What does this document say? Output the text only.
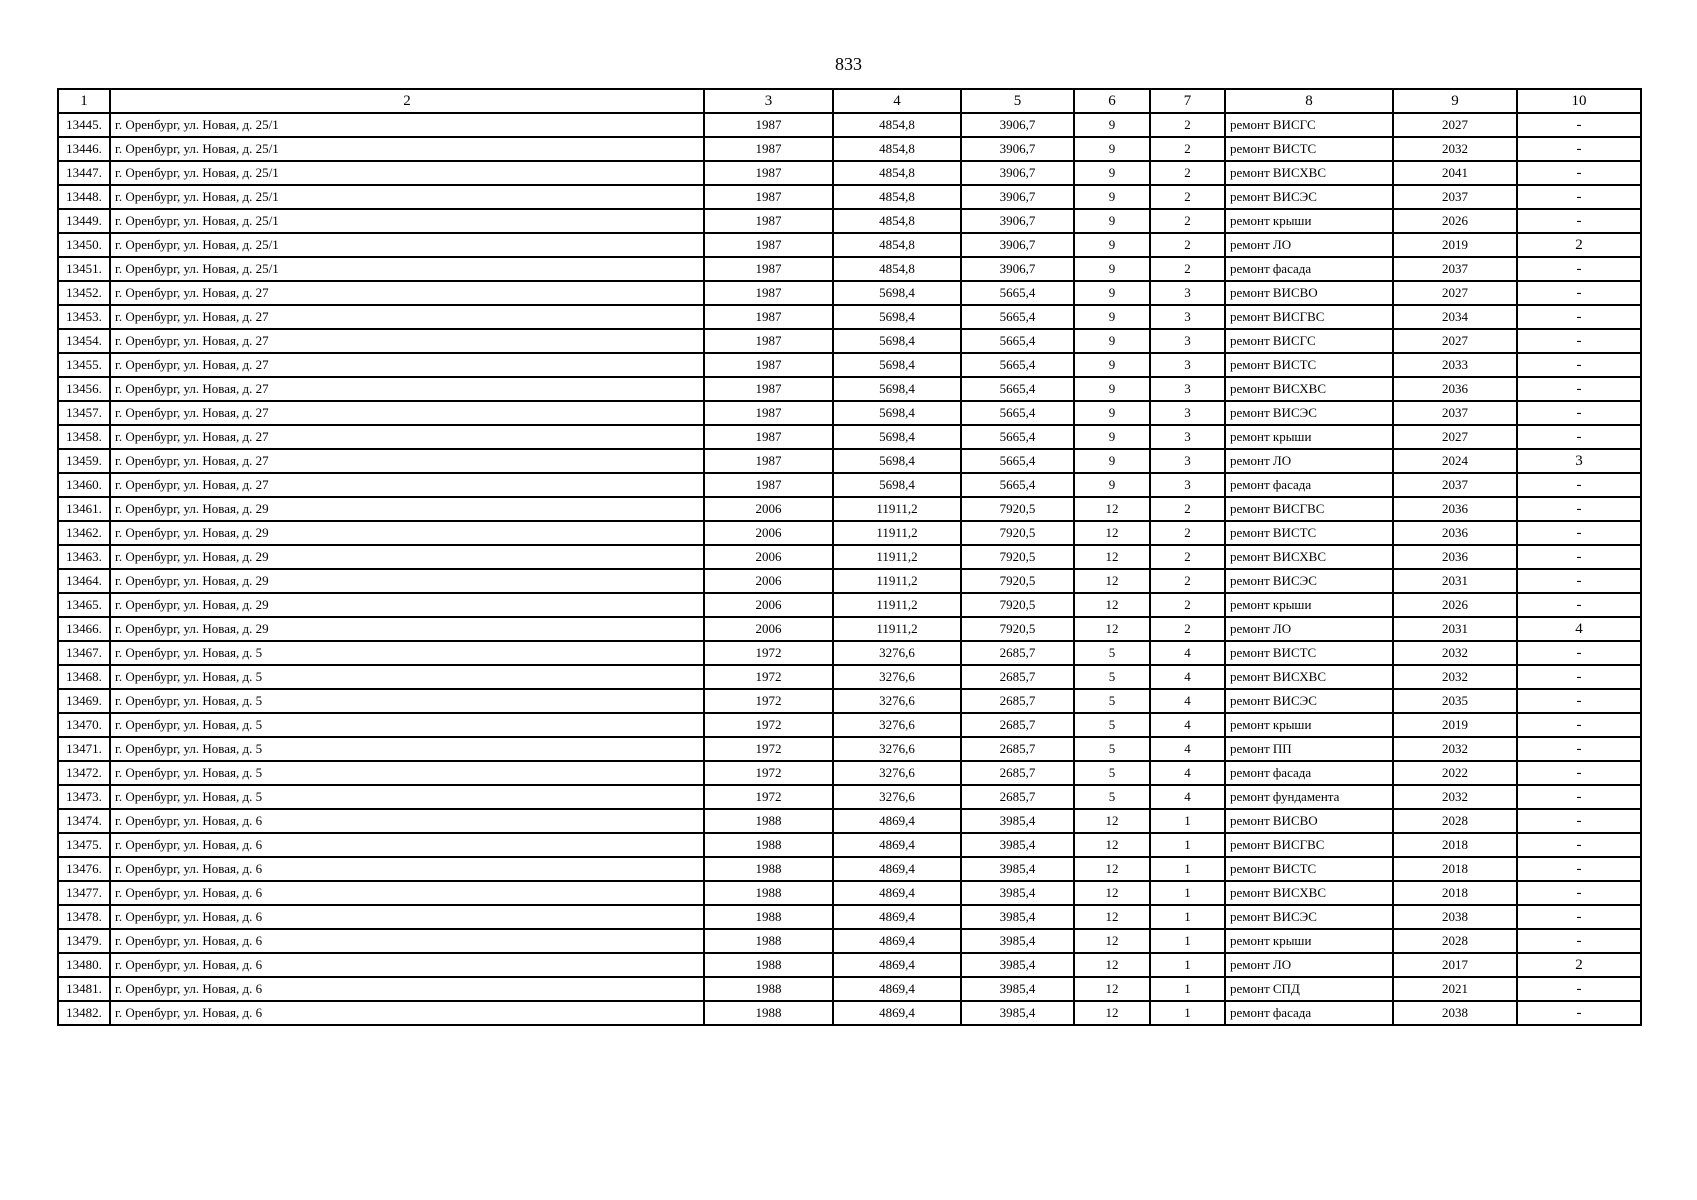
833
1	2	3	4	5	6	7	8	9	10
13445.	г. Оренбург, ул. Новая, д. 25/1	1987	4854,8	3906,7	9	2	ремонт ВИСГС	2027	-
13446.	г. Оренбург, ул. Новая, д. 25/1	1987	4854,8	3906,7	9	2	ремонт ВИСТС	2032	-
13447.	г. Оренбург, ул. Новая, д. 25/1	1987	4854,8	3906,7	9	2	ремонт ВИСХВС	2041	-
13448.	г. Оренбург, ул. Новая, д. 25/1	1987	4854,8	3906,7	9	2	ремонт ВИСЭС	2037	-
13449.	г. Оренбург, ул. Новая, д. 25/1	1987	4854,8	3906,7	9	2	ремонт крыши	2026	-
13450.	г. Оренбург, ул. Новая, д. 25/1	1987	4854,8	3906,7	9	2	ремонт ЛО	2019	2
13451.	г. Оренбург, ул. Новая, д. 25/1	1987	4854,8	3906,7	9	2	ремонт фасада	2037	-
13452.	г. Оренбург, ул. Новая, д. 27	1987	5698,4	5665,4	9	3	ремонт ВИСВО	2027	-
13453.	г. Оренбург, ул. Новая, д. 27	1987	5698,4	5665,4	9	3	ремонт ВИСГВС	2034	-
13454.	г. Оренбург, ул. Новая, д. 27	1987	5698,4	5665,4	9	3	ремонт ВИСГС	2027	-
13455.	г. Оренбург, ул. Новая, д. 27	1987	5698,4	5665,4	9	3	ремонт ВИСТС	2033	-
13456.	г. Оренбург, ул. Новая, д. 27	1987	5698,4	5665,4	9	3	ремонт ВИСХВС	2036	-
13457.	г. Оренбург, ул. Новая, д. 27	1987	5698,4	5665,4	9	3	ремонт ВИСЭС	2037	-
13458.	г. Оренбург, ул. Новая, д. 27	1987	5698,4	5665,4	9	3	ремонт крыши	2027	-
13459.	г. Оренбург, ул. Новая, д. 27	1987	5698,4	5665,4	9	3	ремонт ЛО	2024	3
13460.	г. Оренбург, ул. Новая, д. 27	1987	5698,4	5665,4	9	3	ремонт фасада	2037	-
13461.	г. Оренбург, ул. Новая, д. 29	2006	11911,2	7920,5	12	2	ремонт ВИСГВС	2036	-
13462.	г. Оренбург, ул. Новая, д. 29	2006	11911,2	7920,5	12	2	ремонт ВИСТС	2036	-
13463.	г. Оренбург, ул. Новая, д. 29	2006	11911,2	7920,5	12	2	ремонт ВИСХВС	2036	-
13464.	г. Оренбург, ул. Новая, д. 29	2006	11911,2	7920,5	12	2	ремонт ВИСЭС	2031	-
13465.	г. Оренбург, ул. Новая, д. 29	2006	11911,2	7920,5	12	2	ремонт крыши	2026	-
13466.	г. Оренбург, ул. Новая, д. 29	2006	11911,2	7920,5	12	2	ремонт ЛО	2031	4
13467.	г. Оренбург, ул. Новая, д. 5	1972	3276,6	2685,7	5	4	ремонт ВИСТС	2032	-
13468.	г. Оренбург, ул. Новая, д. 5	1972	3276,6	2685,7	5	4	ремонт ВИСХВС	2032	-
13469.	г. Оренбург, ул. Новая, д. 5	1972	3276,6	2685,7	5	4	ремонт ВИСЭС	2035	-
13470.	г. Оренбург, ул. Новая, д. 5	1972	3276,6	2685,7	5	4	ремонт крыши	2019	-
13471.	г. Оренбург, ул. Новая, д. 5	1972	3276,6	2685,7	5	4	ремонт ПП	2032	-
13472.	г. Оренбург, ул. Новая, д. 5	1972	3276,6	2685,7	5	4	ремонт фасада	2022	-
13473.	г. Оренбург, ул. Новая, д. 5	1972	3276,6	2685,7	5	4	ремонт фундамента	2032	-
13474.	г. Оренбург, ул. Новая, д. 6	1988	4869,4	3985,4	12	1	ремонт ВИСВО	2028	-
13475.	г. Оренбург, ул. Новая, д. 6	1988	4869,4	3985,4	12	1	ремонт ВИСГВС	2018	-
13476.	г. Оренбург, ул. Новая, д. 6	1988	4869,4	3985,4	12	1	ремонт ВИСТС	2018	-
13477.	г. Оренбург, ул. Новая, д. 6	1988	4869,4	3985,4	12	1	ремонт ВИСХВС	2018	-
13478.	г. Оренбург, ул. Новая, д. 6	1988	4869,4	3985,4	12	1	ремонт ВИСЭС	2038	-
13479.	г. Оренбург, ул. Новая, д. 6	1988	4869,4	3985,4	12	1	ремонт крыши	2028	-
13480.	г. Оренбург, ул. Новая, д. 6	1988	4869,4	3985,4	12	1	ремонт ЛО	2017	2
13481.	г. Оренбург, ул. Новая, д. 6	1988	4869,4	3985,4	12	1	ремонт СПД	2021	-
13482.	г. Оренбург, ул. Новая, д. 6	1988	4869,4	3985,4	12	1	ремонт фасада	2038	-
